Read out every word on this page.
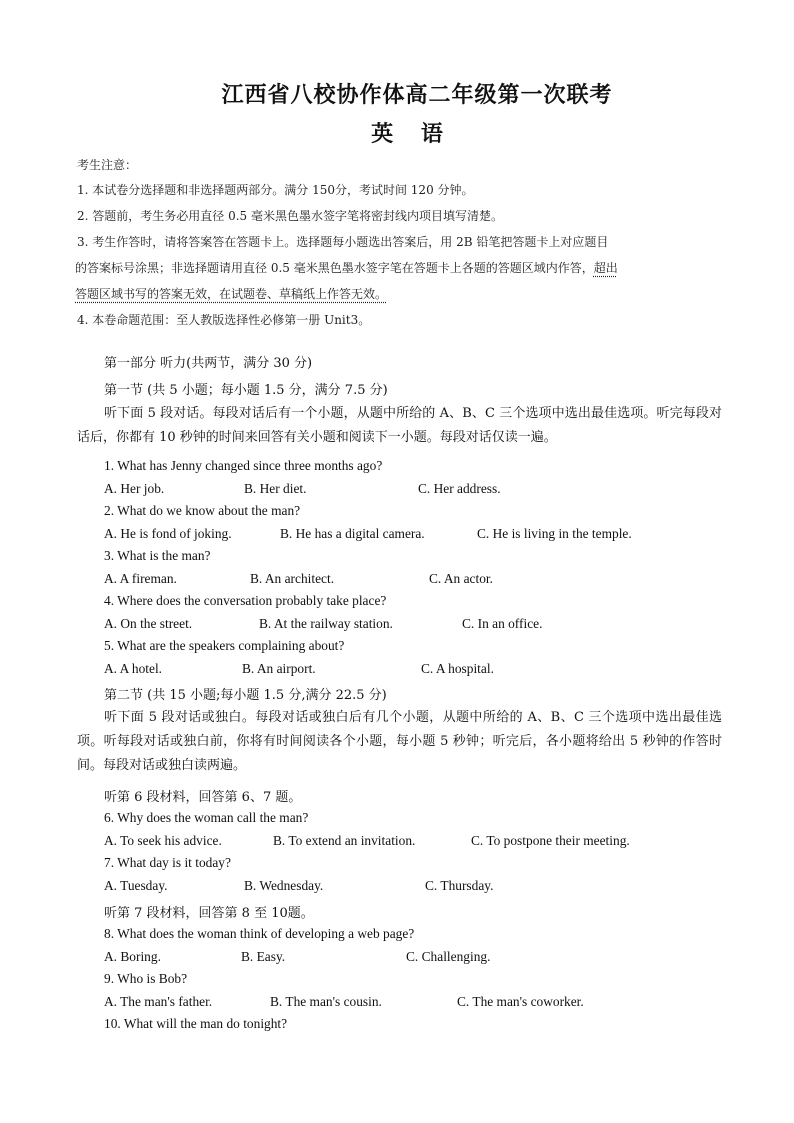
江西省八校协作体高二年级第一次联考
英 语
考生注意：
1. 本试卷分选择题和非选择题两部分。满分 150分，考试时间 120 分钟。
2. 答题前，考生务必用直径 0.5 毫米黑色墨水签字笔将密封线内项目填写清楚。
3. 考生作答时，请将答案答在答题卡上。选择题每小题选出答案后，用 2B 铅笔把答题卡上对应题目
的答案标号涂黑；非选择题请用直径 0.5 毫米黑色墨水签字笔在答题卡上各题的答题区域内作答，超出
答题区域书写的答案无效，在试题卷、草稿纸上作答无效。
4. 本卷命题范围：至人教版选择性必修第一册 Unit3。
第一部分 听力(共两节，满分 30 分)
第一节 (共 5 小题；每小题 1.5 分，满分 7.5 分)
1. What has Jenny changed since three months ago?
A. Her job.	B. Her diet.	C. Her address.
2. What do we know about the man?
A. He is fond of joking.	B. He has a digital camera.	C. He is living in the temple.
3. What is the man?
A. A fireman.	B. An architect.	C. An actor.
4. Where does the conversation probably take place?
A. On the street.	B. At the railway station.	C. In an office.
5. What are the speakers complaining about?
A. A hotel.	B. An airport.	C. A hospital.
第二节 (共 15 小题;每小题 1.5 分,满分 22.5 分)
听第 6 段材料，回答第 6、7 题。
6. Why does the woman call the man?
A. To seek his advice.	B. To extend an invitation.	C. To postpone their meeting.
7. What day is it today?
A. Tuesday.	B. Wednesday.	C. Thursday.
听第 7 段材料，回答第 8 至 10题。
8. What does the woman think of developing a web page?
A. Boring.	B. Easy.	C. Challenging.
9. Who is Bob?
A. The man's father.	B. The man's cousin.	C. The man's coworker.
10. What will the man do tonight?
听下面 5 段对话。每段对话后有一个小题，从题中所给的 A、B、C 三个选项中选出最佳选项。听完每段对话后，你都有 10 秒钟的时间来回答有关小题和阅读下一小题。每段对话仅读一遍。
听下面 5 段对话或独白。每段对话或独白后有几个小题，从题中所给的 A、B、C 三个选项中选出最佳选项。听每段对话或独白前，你将有时间阅读各个小题，每小题 5 秒钟；听完后，各小题将给出 5 秒钟的作答时间。每段对话或独白读两遍。
